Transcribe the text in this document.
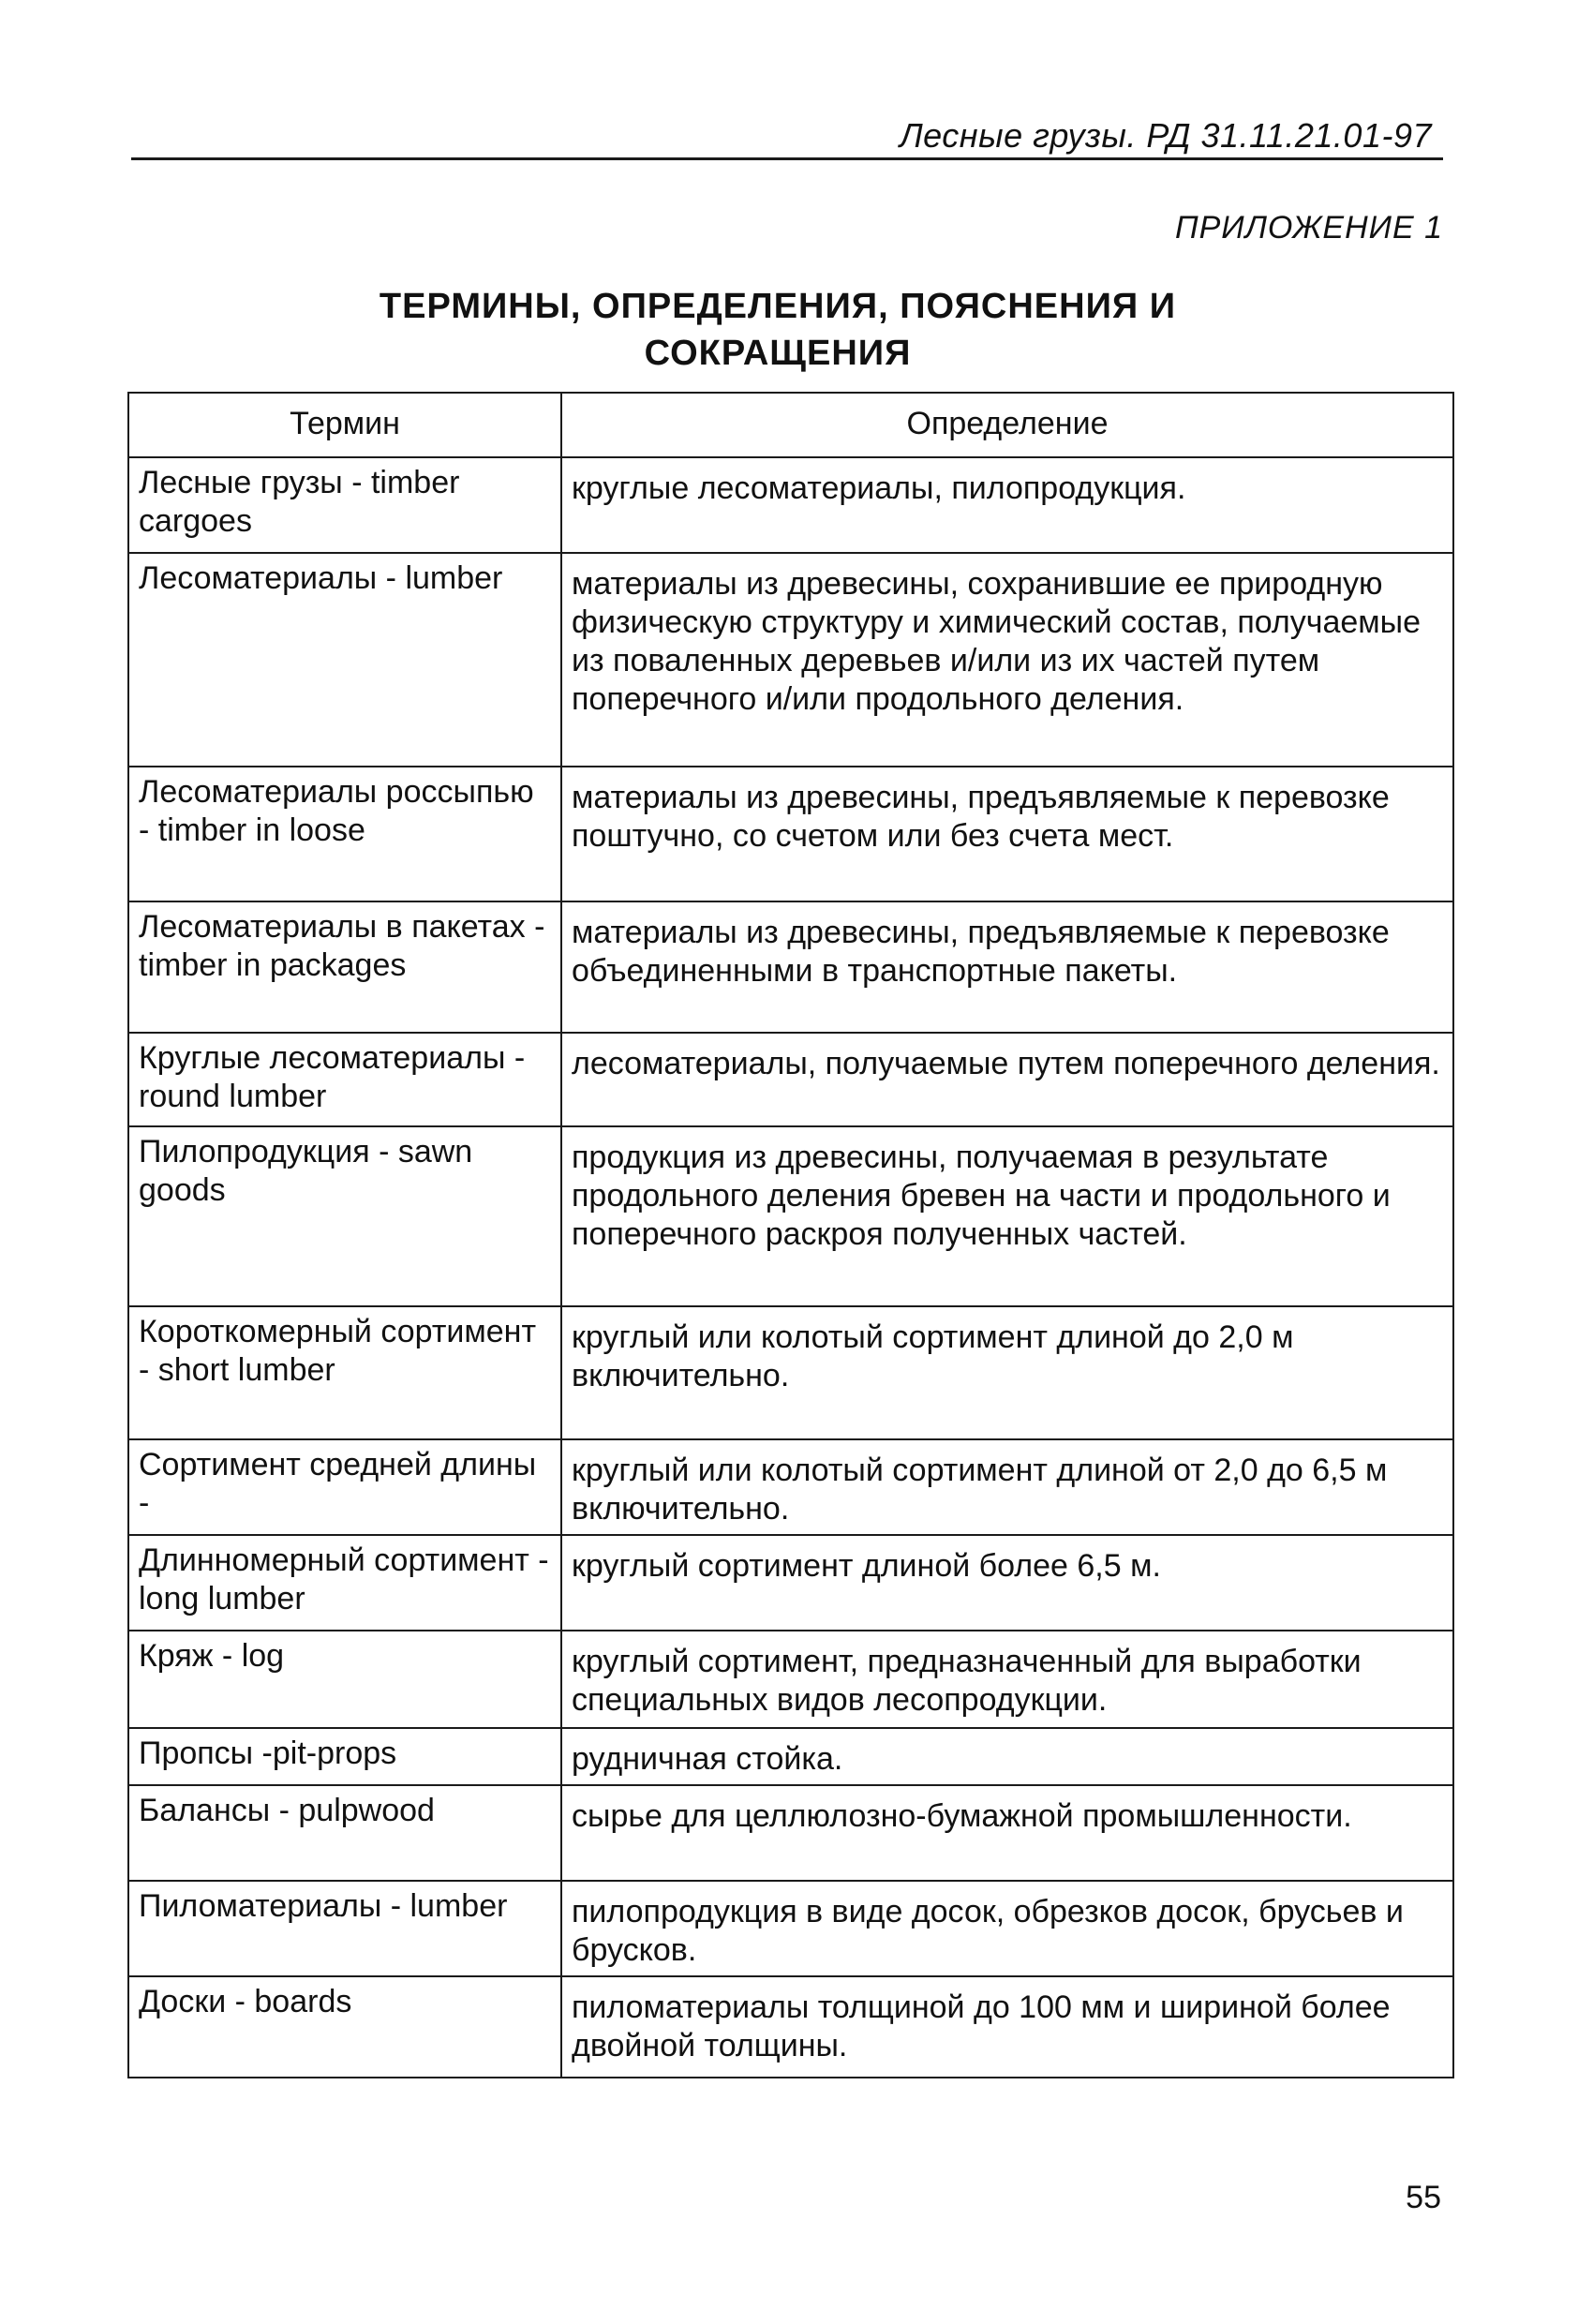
Лесные грузы. РД 31.11.21.01-97
ПРИЛОЖЕНИЕ 1
ТЕРМИНЫ, ОПРЕДЕЛЕНИЯ, ПОЯСНЕНИЯ И
СОКРАЩЕНИЯ
Термин	Определение
Лесные грузы - timber cargoes	круглые лесоматериалы, пилопродукция.
Лесоматериалы - lumber	материалы из древесины, сохранившие ее природную физическую структуру и химический состав, получаемые из поваленных деревьев и/или из их частей путем поперечного и/или продольного деления.
Лесоматериалы россыпью - timber in loose	материалы из древесины, предъявляемые к перевозке поштучно, со счетом или без счета мест.
Лесоматериалы в пакетах - timber in packages	материалы из древесины, предъявляемые к перевозке объединенными в транспортные пакеты.
Круглые лесоматериалы - round lumber	лесоматериалы, получаемые путем поперечного деления.
Пилопродукция - sawn goods	продукция из древесины, получаемая в результате продольного деления бревен на части и продольного и поперечного раскроя полученных частей.
Короткомерный сортимент - short lumber	круглый или колотый сортимент длиной до 2,0 м включительно.
Сортимент средней длины -	круглый или колотый сортимент длиной от 2,0 до 6,5 м включительно.
Длинномерный сортимент - long lumber	круглый сортимент длиной более 6,5 м.
Кряж - log	круглый сортимент, предназначенный для выработки специальных видов лесопродукции.
Пропсы -pit-props	рудничная стойка.
Балансы - pulpwood	сырье для целлюлозно-бумажной промышленности.
Пиломатериалы - lumber	пилопродукция в виде досок, обрезков досок, брусьев и брусков.
Доски - boards	пиломатериалы толщиной до 100 мм и шириной более двойной толщины.
55
